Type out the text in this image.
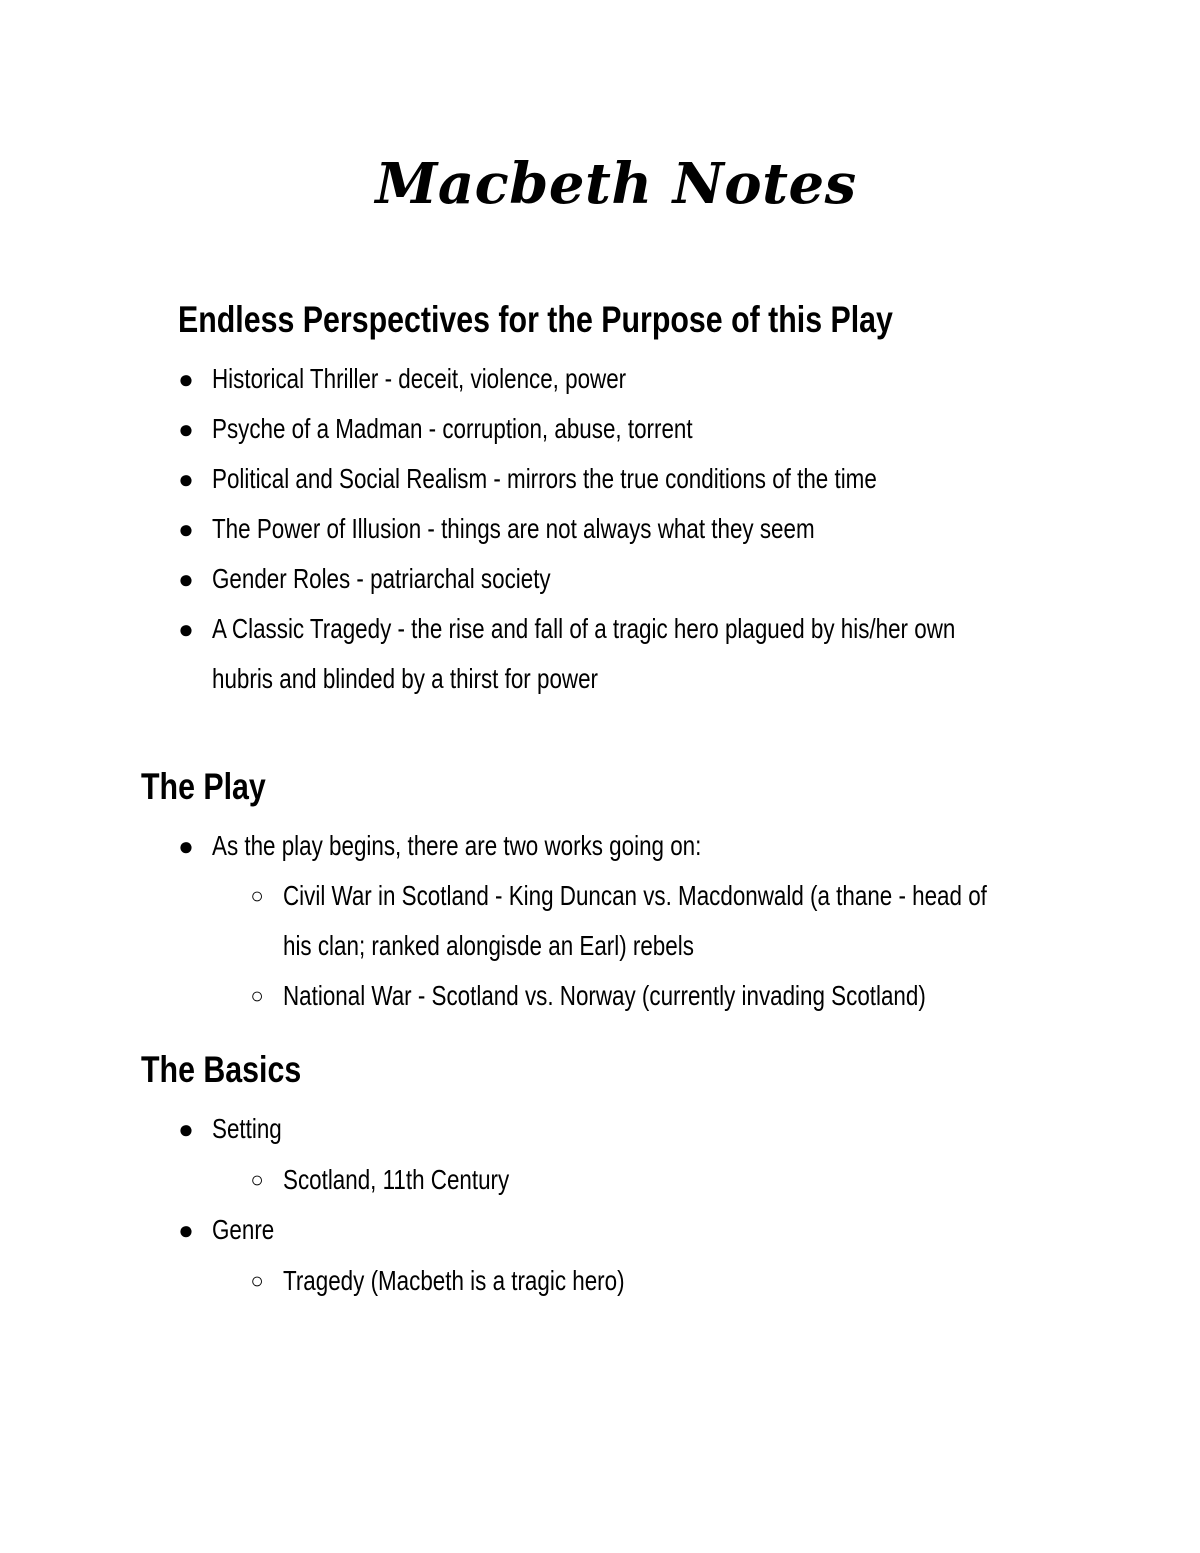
Macbeth Notes
Endless Perspectives for the Purpose of this Play
● Historical Thriller - deceit, violence, power
● Psyche of a Madman - corruption, abuse, torrent
● Political and Social Realism - mirrors the true conditions of the time
● The Power of Illusion - things are not always what they seem
● Gender Roles - patriarchal society
● A Classic Tragedy - the rise and fall of a tragic hero plagued by his/her own
hubris and blinded by a thirst for power
The Play
● As the play begins, there are two works going on:
○ Civil War in Scotland - King Duncan vs. Macdonwald (a thane - head of
his clan; ranked alongisde an Earl) rebels
○ National War - Scotland vs. Norway (currently invading Scotland)
The Basics
● Setting
○ Scotland, 11th Century
● Genre
○ Tragedy (Macbeth is a tragic hero)
